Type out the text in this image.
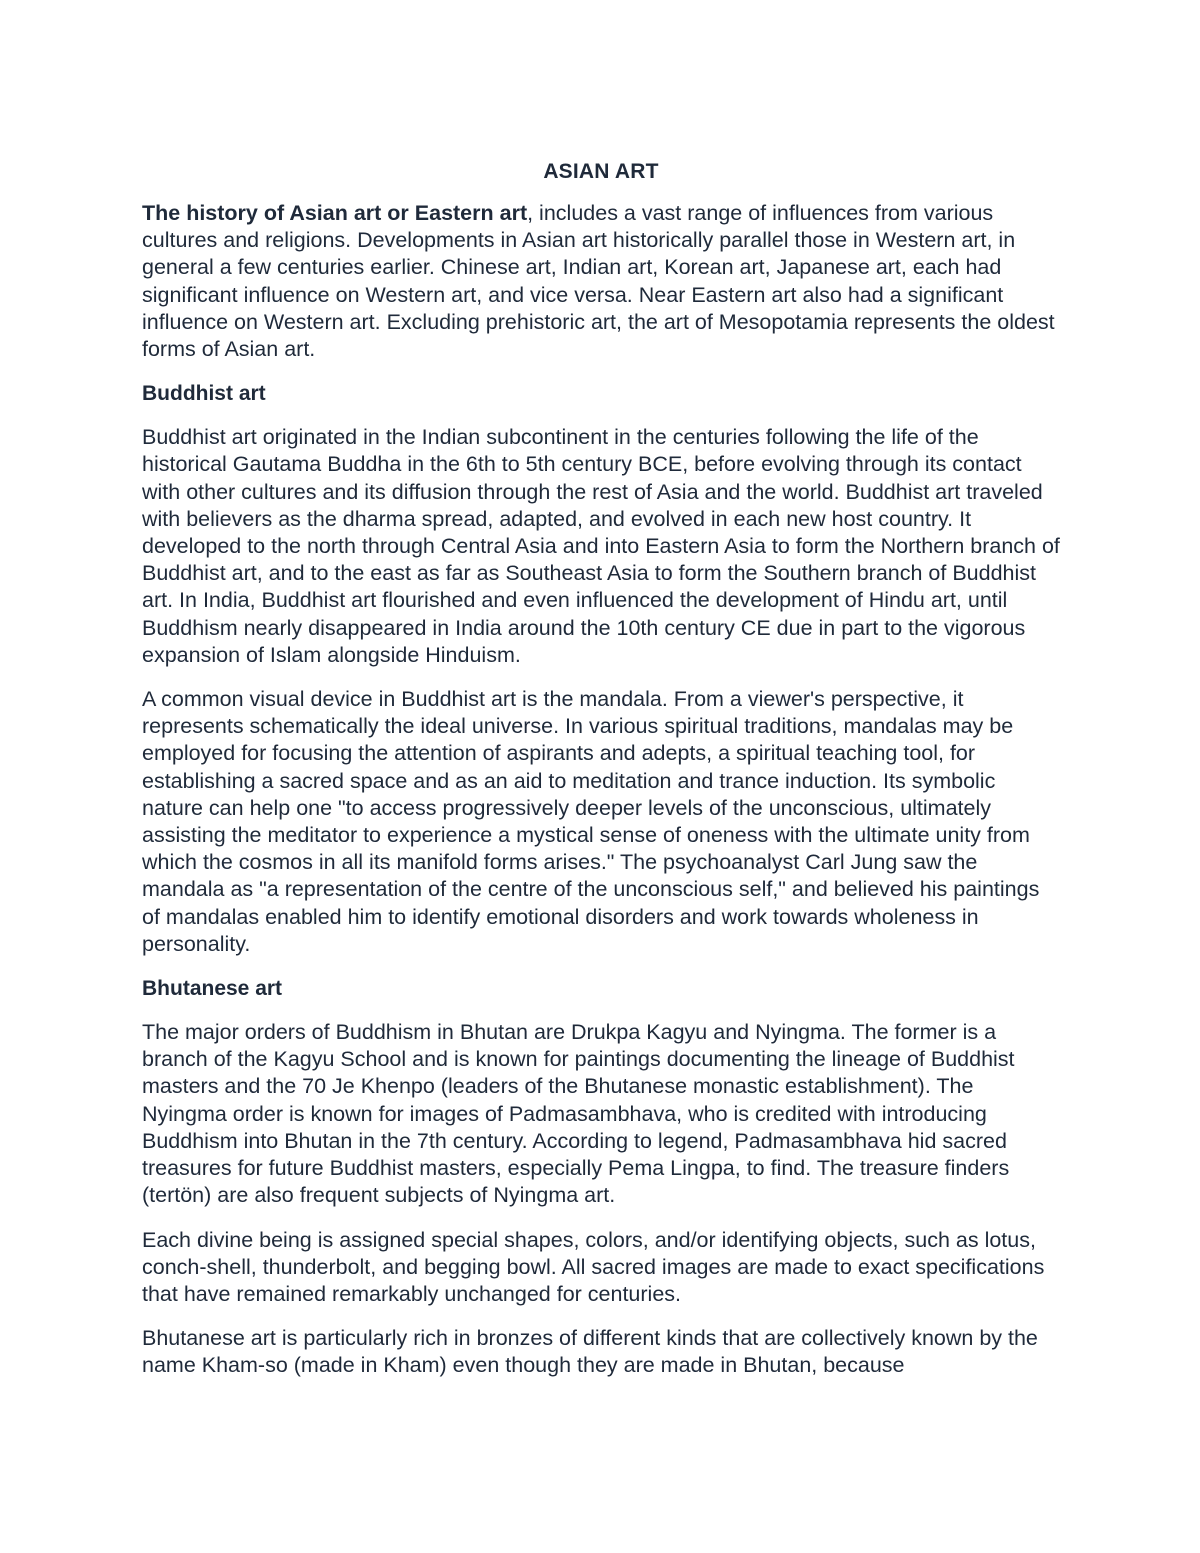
ASIAN ART

The history of Asian art or Eastern art, includes a vast range of influences from various cultures and religions. Developments in Asian art historically parallel those in Western art, in general a few centuries earlier. Chinese art, Indian art, Korean art, Japanese art, each had significant influence on Western art, and vice versa. Near Eastern art also had a significant influence on Western art. Excluding prehistoric art, the art of Mesopotamia represents the oldest forms of Asian art.

Buddhist art

Buddhist art originated in the Indian subcontinent in the centuries following the life of the historical Gautama Buddha in the 6th to 5th century BCE, before evolving through its contact with other cultures and its diffusion through the rest of Asia and the world. Buddhist art traveled with believers as the dharma spread, adapted, and evolved in each new host country. It developed to the north through Central Asia and into Eastern Asia to form the Northern branch of Buddhist art, and to the east as far as Southeast Asia to form the Southern branch of Buddhist art. In India, Buddhist art flourished and even influenced the development of Hindu art, until Buddhism nearly disappeared in India around the 10th century CE due in part to the vigorous expansion of Islam alongside Hinduism.

A common visual device in Buddhist art is the mandala. From a viewer's perspective, it represents schematically the ideal universe. In various spiritual traditions, mandalas may be employed for focusing the attention of aspirants and adepts, a spiritual teaching tool, for establishing a sacred space and as an aid to meditation and trance induction. Its symbolic nature can help one "to access progressively deeper levels of the unconscious, ultimately assisting the meditator to experience a mystical sense of oneness with the ultimate unity from which the cosmos in all its manifold forms arises." The psychoanalyst Carl Jung saw the mandala as "a representation of the centre of the unconscious self," and believed his paintings of mandalas enabled him to identify emotional disorders and work towards wholeness in personality.

Bhutanese art

The major orders of Buddhism in Bhutan are Drukpa Kagyu and Nyingma. The former is a branch of the Kagyu School and is known for paintings documenting the lineage of Buddhist masters and the 70 Je Khenpo (leaders of the Bhutanese monastic establishment). The Nyingma order is known for images of Padmasambhava, who is credited with introducing Buddhism into Bhutan in the 7th century. According to legend, Padmasambhava hid sacred treasures for future Buddhist masters, especially Pema Lingpa, to find. The treasure finders (tertön) are also frequent subjects of Nyingma art.

Each divine being is assigned special shapes, colors, and/or identifying objects, such as lotus, conch-shell, thunderbolt, and begging bowl. All sacred images are made to exact specifications that have remained remarkably unchanged for centuries.

Bhutanese art is particularly rich in bronzes of different kinds that are collectively known by the name Kham-so (made in Kham) even though they are made in Bhutan, because
